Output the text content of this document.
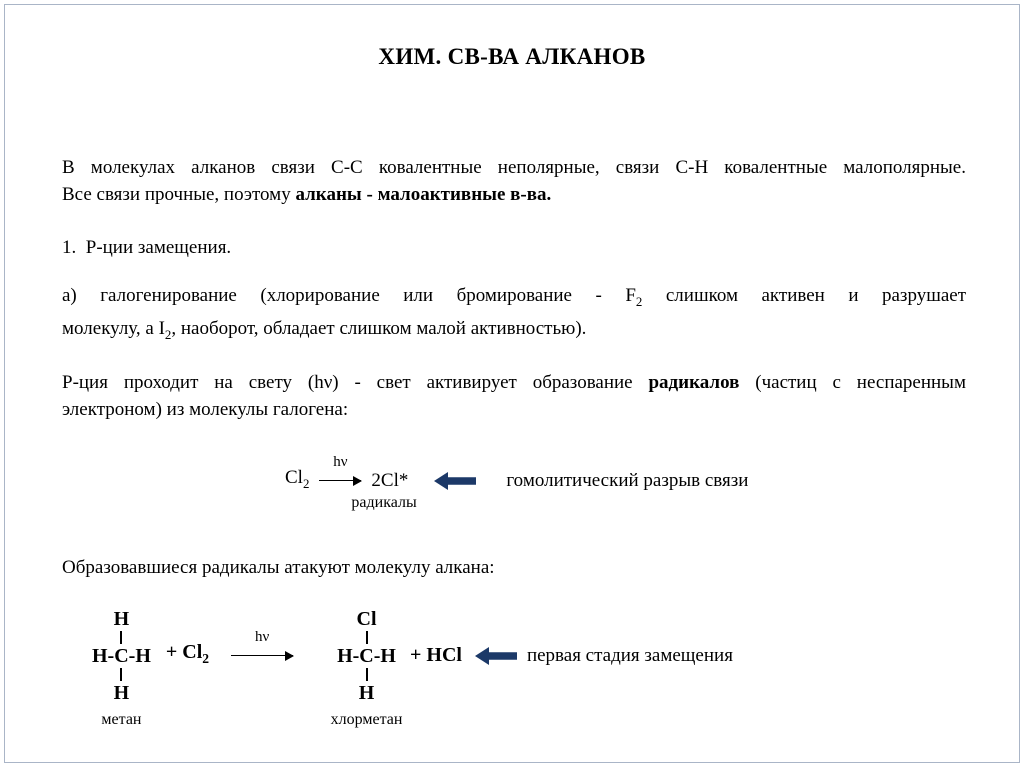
ХИМ. СВ-ВА АЛКАНОВ
В молекулах алканов связи С-С ковалентные неполярные, связи С-Н ковалентные малополярные.
Все связи прочные, поэтому алканы - малоактивные в-ва.
1.  Р-ции замещения.
а) галогенирование (хлорирование или бромирование - $F_2$ слишком активен и разрушает
молекулу, а $I_2$, наоборот, обладает слишком малой активностью).
Р-ция проходит на свету (hν) - свет активирует образование радикалов (частиц с неспаренным
электроном) из молекулы галогена:
$Cl_2$
hν
радикалы
2Cl*	гомолитический разрыв связи
Образовавшиеся радикалы атакуют молекулу алкана:
H
H-C-H
H
метан
+ $Cl_2$
hν
Cl
H-C-H
H
хлорметан
+ HCl	первая стадия замещения
